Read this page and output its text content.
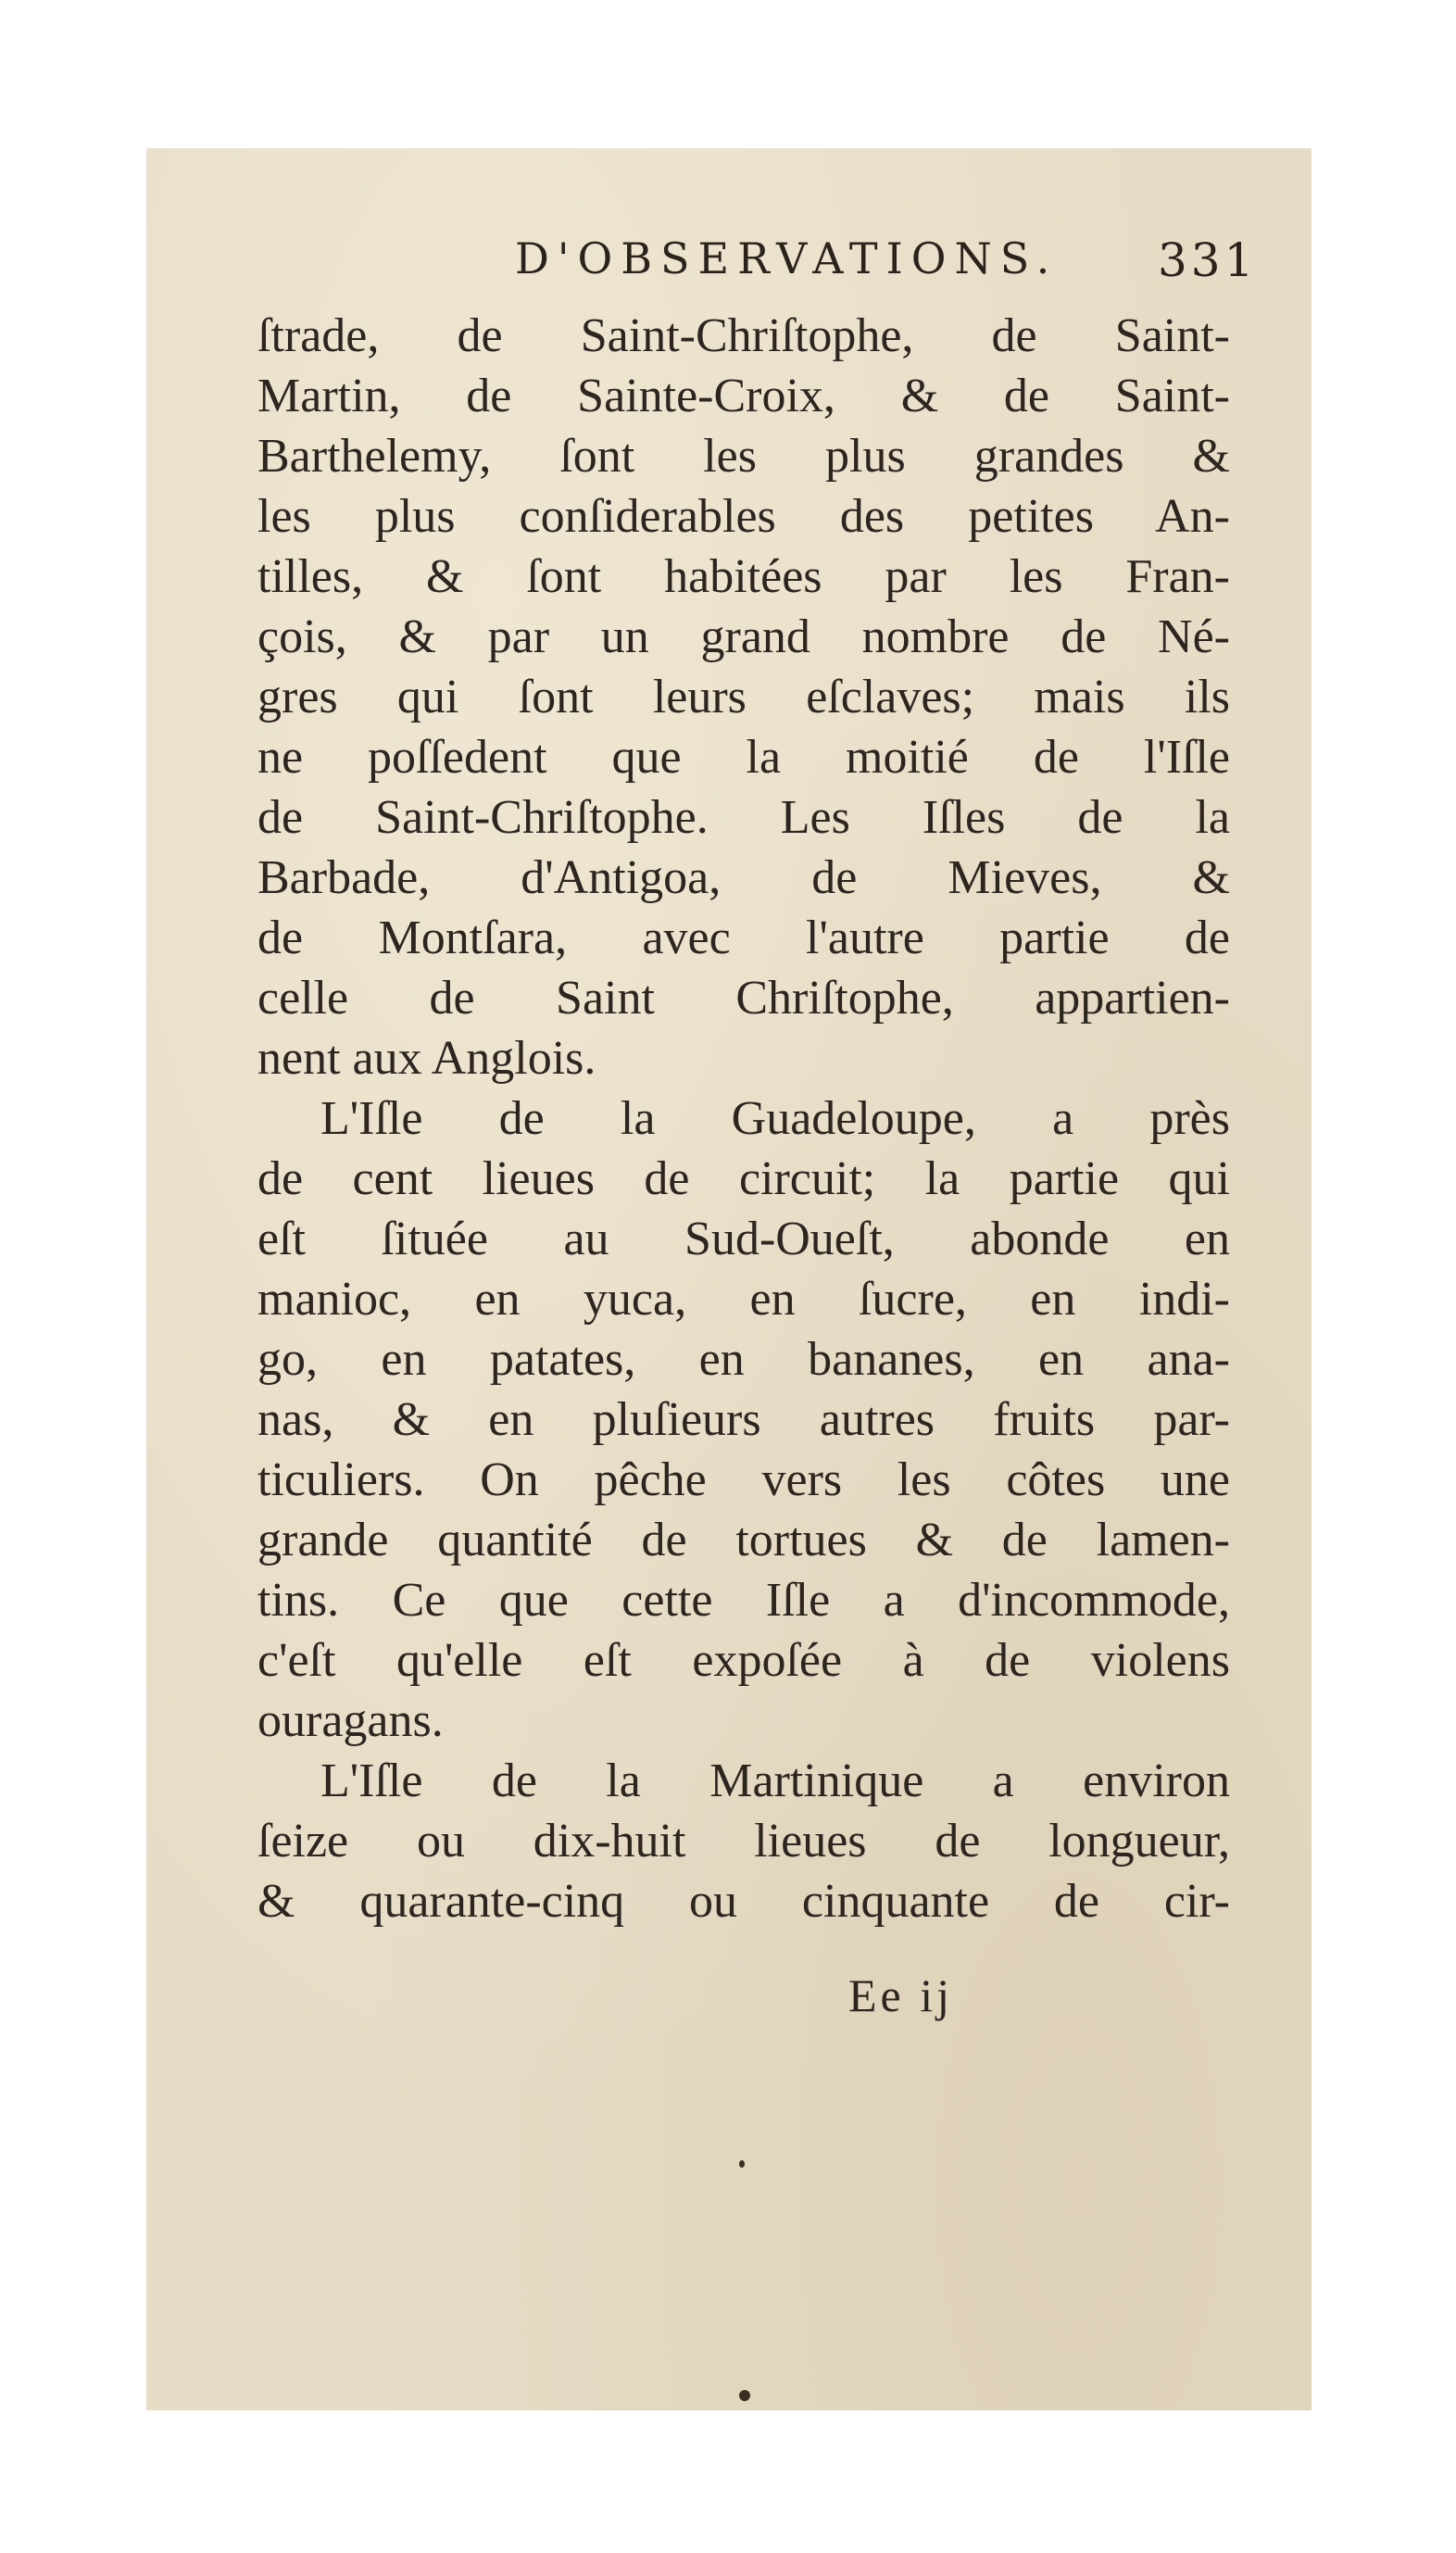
D'OBSERVATIONS. 331
ſtrade, de Saint-Chriſtophe, de Saint-
Martin, de Sainte-Croix, & de Saint-
Barthelemy, ſont les plus grandes &
les plus conſiderables des petites An-
tilles, & ſont habitées par les Fran-
çois, & par un grand nombre de Né-
gres qui ſont leurs eſclaves; mais ils
ne poſſedent que la moitié de l'Iſle
de Saint-Chriſtophe. Les Iſles de la
Barbade, d'Antigoa, de Mieves, &
de Montſara, avec l'autre partie de
celle de Saint Chriſtophe, appartien-
nent aux Anglois.
L'Iſle de la Guadeloupe, a près
de cent lieues de circuit; la partie qui
eſt ſituée au Sud-Oueſt, abonde en
manioc, en yuca, en ſucre, en indi-
go, en patates, en bananes, en ana-
nas, & en pluſieurs autres fruits par-
ticuliers. On pêche vers les côtes une
grande quantité de tortues & de lamen-
tins. Ce que cette Iſle a d'incommode,
c'eſt qu'elle eſt expoſée à de violens
ouragans.
L'Iſle de la Martinique a environ
ſeize ou dix-huit lieues de longueur,
& quarante-cinq ou cinquante de cir-
Ee ij
